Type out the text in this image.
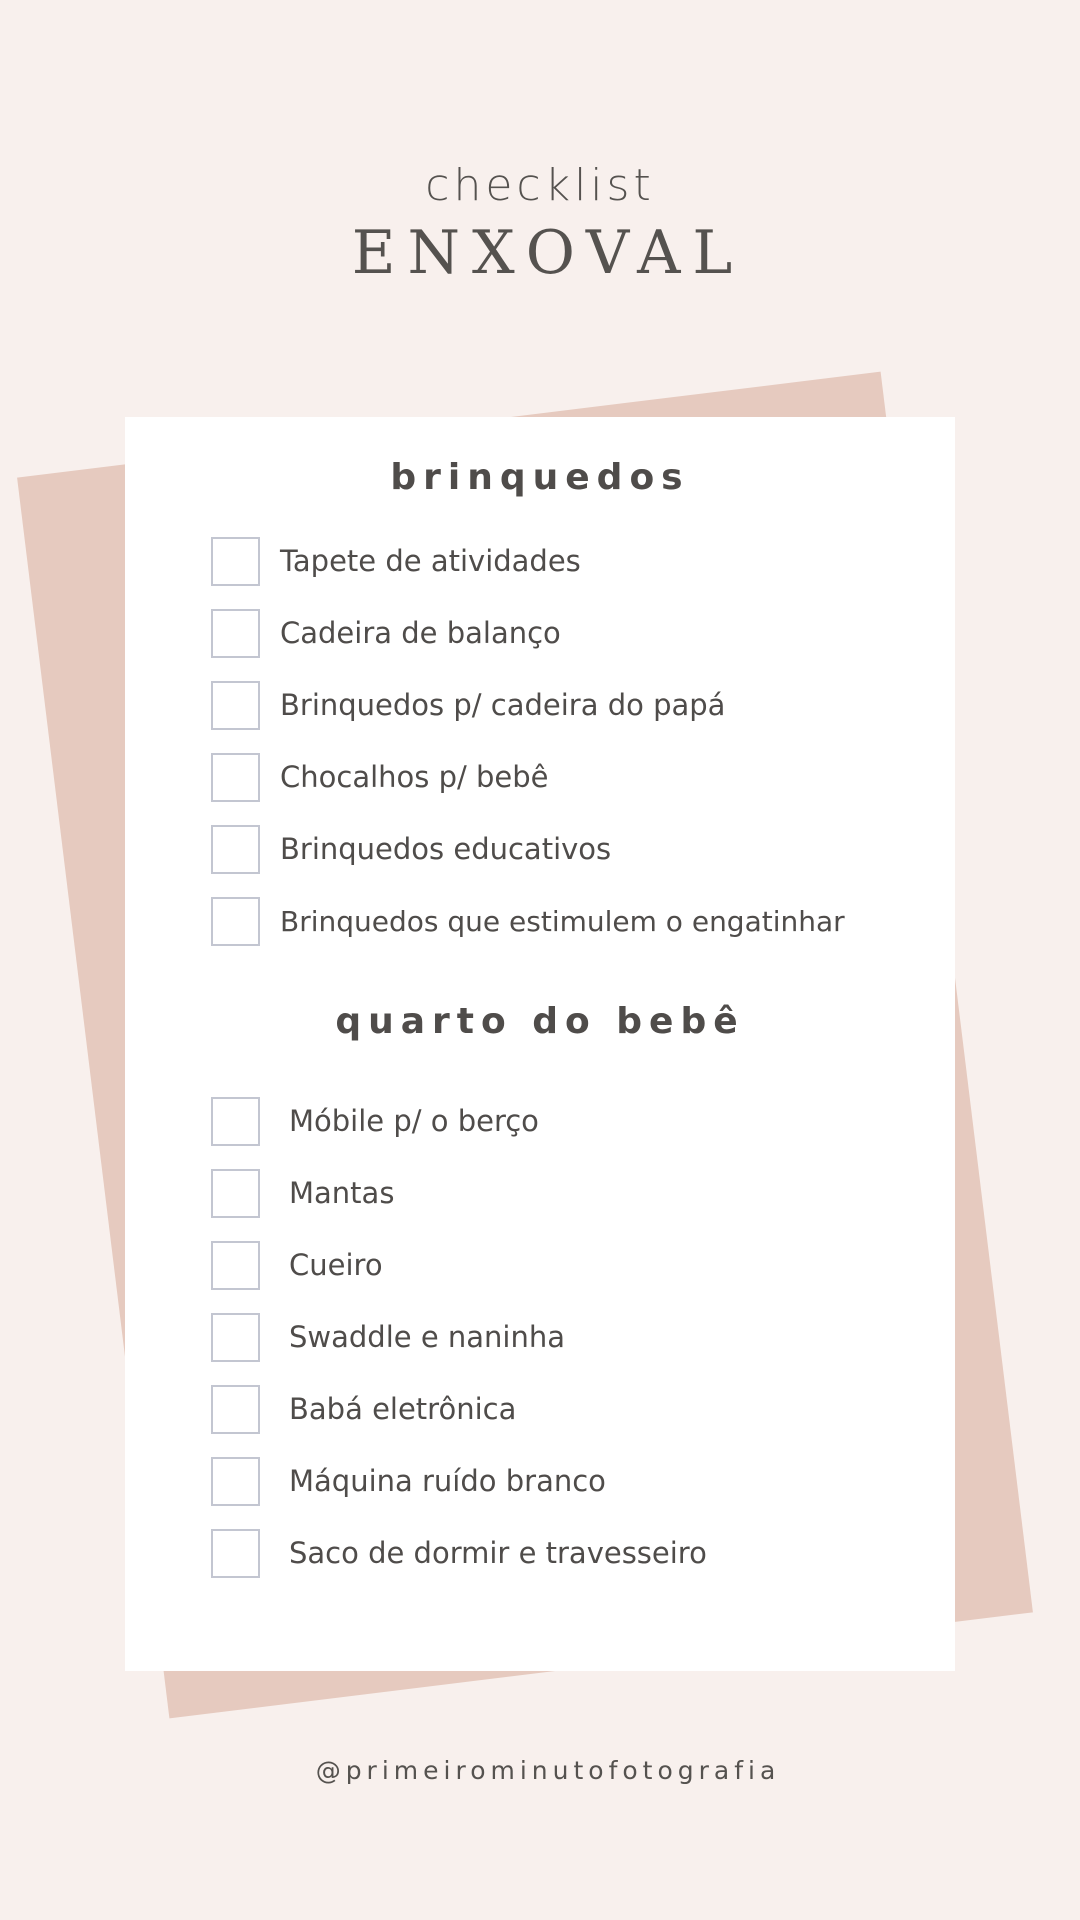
checklist
ENXOVAL
brinquedos
Tapete de atividades
Cadeira de balanço
Brinquedos p/ cadeira do papá
Chocalhos p/ bebê
Brinquedos educativos
Brinquedos que estimulem o engatinhar
quarto do bebê
Móbile p/ o berço
Mantas
Cueiro
Swaddle e naninha
Babá eletrônica
Máquina ruído branco
Saco de dormir e travesseiro
@primeirominutofotografia
